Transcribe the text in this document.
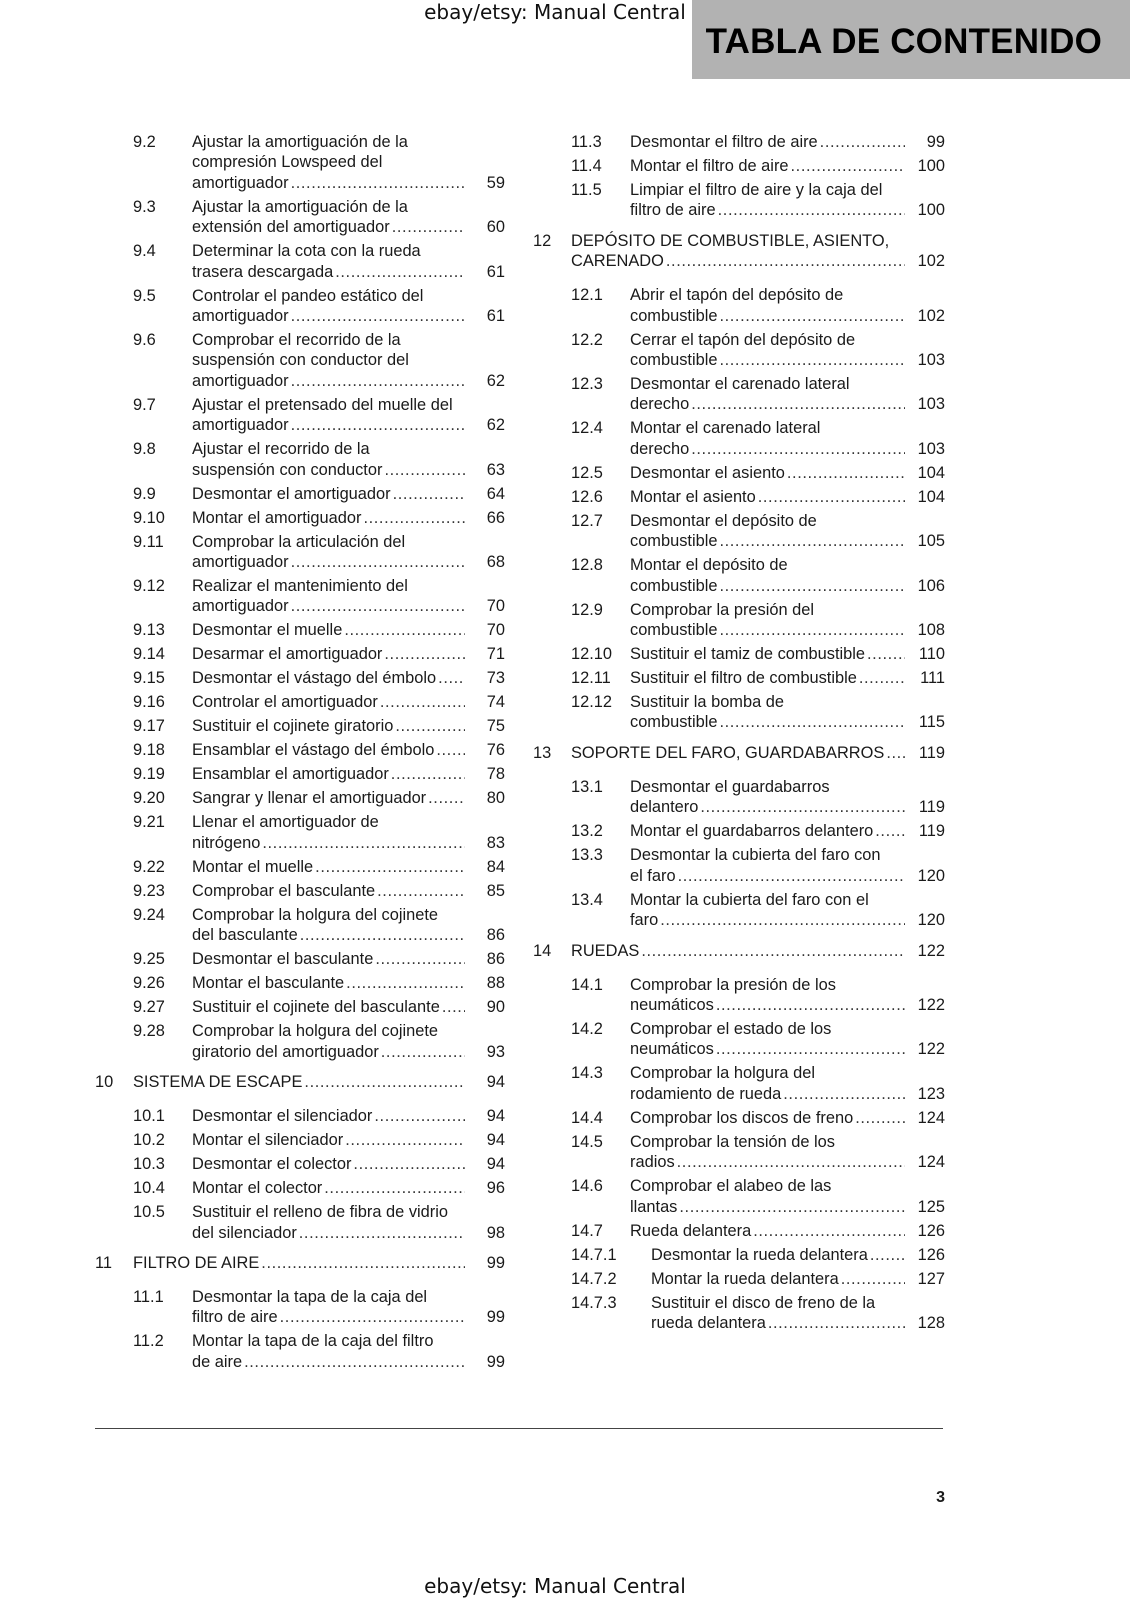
ebay/etsy: Manual Central
TABLA DE CONTENIDO
9.2 Ajustar la amortiguación de la
compresión Lowspeed del
amortiguador .....	59
9.3 Ajustar la amortiguación de la
extensión del amortiguador .....	60
9.4 Determinar la cota con la rueda
trasera descargada .....	61
9.5 Controlar el pandeo estático del
amortiguador .....	61
9.6 Comprobar el recorrido de la
suspensión con conductor del
amortiguador .....	62
9.7 Ajustar el pretensado del muelle del
amortiguador .....	62
9.8 Ajustar el recorrido de la
suspensión con conductor .....	63
9.9 Desmontar el amortiguador .....	64
9.10 Montar el amortiguador .....	66
9.11 Comprobar la articulación del
amortiguador .....	68
9.12 Realizar el mantenimiento del
amortiguador .....	70
9.13 Desmontar el muelle .....	70
9.14 Desarmar el amortiguador .....	71
9.15 Desmontar el vástago del émbolo .....	73
9.16 Controlar el amortiguador .....	74
9.17 Sustituir el cojinete giratorio .....	75
9.18 Ensamblar el vástago del émbolo .....	76
9.19 Ensamblar el amortiguador .....	78
9.20 Sangrar y llenar el amortiguador .....	80
9.21 Llenar el amortiguador de
nitrógeno .....	83
9.22 Montar el muelle .....	84
9.23 Comprobar el basculante .....	85
9.24 Comprobar la holgura del cojinete
del basculante .....	86
9.25 Desmontar el basculante .....	86
9.26 Montar el basculante .....	88
9.27 Sustituir el cojinete del basculante .....	90
9.28 Comprobar la holgura del cojinete
giratorio del amortiguador .....	93
10 SISTEMA DE ESCAPE .....	94
10.1 Desmontar el silenciador .....	94
10.2 Montar el silenciador .....	94
10.3 Desmontar el colector .....	94
10.4 Montar el colector .....	96
10.5 Sustituir el relleno de fibra de vidrio
del silenciador .....	98
11 FILTRO DE AIRE .....	99
11.1 Desmontar la tapa de la caja del
filtro de aire .....	99
11.2 Montar la tapa de la caja del filtro
de aire .....	99
11.3 Desmontar el filtro de aire .....	99
11.4 Montar el filtro de aire .....	100
11.5 Limpiar el filtro de aire y la caja del
filtro de aire .....	100
12 DEPÓSITO DE COMBUSTIBLE, ASIENTO,
CARENADO .....	102
12.1 Abrir el tapón del depósito de
combustible .....	102
12.2 Cerrar el tapón del depósito de
combustible .....	103
12.3 Desmontar el carenado lateral
derecho .....	103
12.4 Montar el carenado lateral
derecho .....	103
12.5 Desmontar el asiento .....	104
12.6 Montar el asiento .....	104
12.7 Desmontar el depósito de
combustible .....	105
12.8 Montar el depósito de
combustible .....	106
12.9 Comprobar la presión del
combustible .....	108
12.10 Sustituir el tamiz de combustible .....	110
12.11 Sustituir el filtro de combustible .....	111
12.12 Sustituir la bomba de
combustible .....	115
13 SOPORTE DEL FARO, GUARDABARROS .....	119
13.1 Desmontar el guardabarros
delantero .....	119
13.2 Montar el guardabarros delantero .....	119
13.3 Desmontar la cubierta del faro con
el faro .....	120
13.4 Montar la cubierta del faro con el
faro .....	120
14 RUEDAS .....	122
14.1 Comprobar la presión de los
neumáticos .....	122
14.2 Comprobar el estado de los
neumáticos .....	122
14.3 Comprobar la holgura del
rodamiento de rueda .....	123
14.4 Comprobar los discos de freno .....	124
14.5 Comprobar la tensión de los
radios .....	124
14.6 Comprobar el alabeo de las
llantas .....	125
14.7 Rueda delantera .....	126
14.7.1 Desmontar la rueda delantera .....	126
14.7.2 Montar la rueda delantera .....	127
14.7.3 Sustituir el disco de freno de la
rueda delantera .....	128
3
ebay/etsy: Manual Central
